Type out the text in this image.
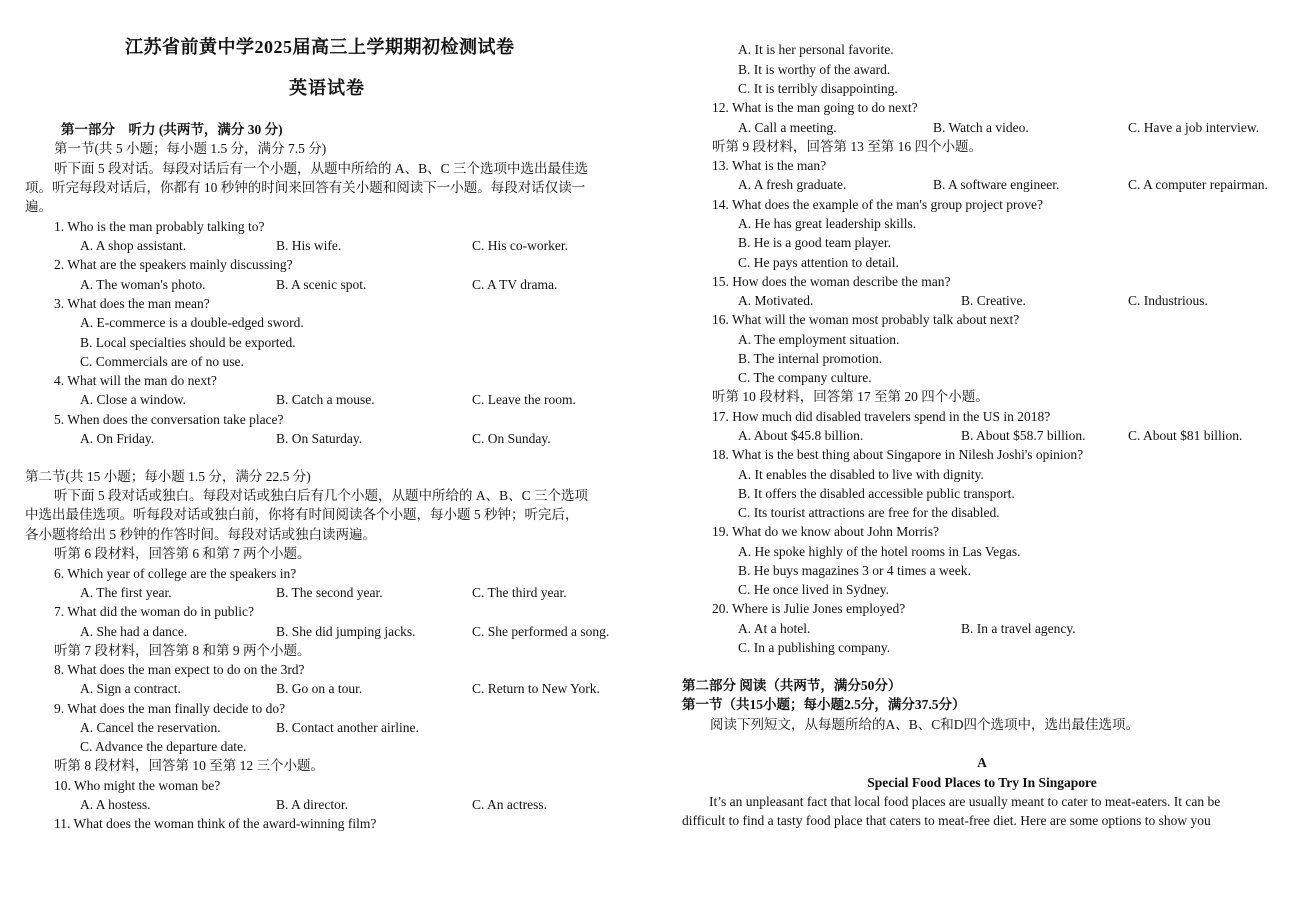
江苏省前黄中学2025届高三上学期期初检测试卷
英语试卷
第一部分　听力 (共两节，满分 30 分)
第一节(共 5 小题；每小题 1.5 分，满分 7.5 分)
听下面 5 段对话。每段对话后有一个小题，从题中所给的 A、B、C 三个选项中选出最佳选
项。听完每段对话后，你都有 10 秒钟的时间来回答有关小题和阅读下一小题。每段对话仅读一
遍。
1. Who is the man probably talking to?
A. A shop assistant.	B. His wife.	C. His co-worker.
2. What are the speakers mainly discussing?
A. The woman's photo.	B. A scenic spot.	C. A TV drama.
3. What does the man mean?
A. E-commerce is a double-edged sword.
B. Local specialties should be exported.
C. Commercials are of no use.
4. What will the man do next?
A. Close a window.	B. Catch a mouse.	C. Leave the room.
5. When does the conversation take place?
A. On Friday.	B. On Saturday.	C. On Sunday.
第二节(共 15 小题；每小题 1.5 分，满分 22.5 分)
听下面 5 段对话或独白。每段对话或独白后有几个小题，从题中所给的 A、B、C 三个选项
中选出最佳选项。听每段对话或独白前，你将有时间阅读各个小题，每小题 5 秒钟；听完后，
各小题将给出 5 秒钟的作答时间。每段对话或独白读两遍。
听第 6 段材料，回答第 6 和第 7 两个小题。
6. Which year of college are the speakers in?
A. The first year.	B. The second year.	C. The third year.
7. What did the woman do in public?
A. She had a dance.	B. She did jumping jacks.	C. She performed a song.
听第 7 段材料，回答第 8 和第 9 两个小题。
8. What does the man expect to do on the 3rd?
A. Sign a contract.	B. Go on a tour.	C. Return to New York.
9. What does the man finally decide to do?
A. Cancel the reservation.	B. Contact another airline.
C. Advance the departure date.
听第 8 段材料，回答第 10 至第 12 三个小题。
10. Who might the woman be?
A. A hostess.	B. A director.	C. An actress.
11. What does the woman think of the award-winning film?
A. It is her personal favorite.
B. It is worthy of the award.
C. It is terribly disappointing.
12. What is the man going to do next?
A. Call a meeting.	B. Watch a video.	C. Have a job interview.
听第 9 段材料，回答第 13 至第 16 四个小题。
13. What is the man?
A. A fresh graduate.	B. A software engineer.	C. A computer repairman.
14. What does the example of the man's group project prove?
A. He has great leadership skills.
B. He is a good team player.
C. He pays attention to detail.
15. How does the woman describe the man?
A. Motivated.	B. Creative.	C. Industrious.
16. What will the woman most probably talk about next?
A. The employment situation.
B. The internal promotion.
C. The company culture.
听第 10 段材料，回答第 17 至第 20 四个小题。
17. How much did disabled travelers spend in the US in 2018?
A. About $45.8 billion.	B. About $58.7 billion.	C. About $81 billion.
18. What is the best thing about Singapore in Nilesh Joshi's opinion?
A. It enables the disabled to live with dignity.
B. It offers the disabled accessible public transport.
C. Its tourist attractions are free for the disabled.
19. What do we know about John Morris?
A. He spoke highly of the hotel rooms in Las Vegas.
B. He buys magazines 3 or 4 times a week.
C. He once lived in Sydney.
20. Where is Julie Jones employed?
A. At a hotel.	B. In a travel agency.
C. In a publishing company.
第二部分 阅读（共两节，满分50分）
第一节（共15小题；每小题2.5分，满分37.5分）
阅读下列短文，从每题所给的A、B、C和D四个选项中，选出最佳选项。
A
Special Food Places to Try In Singapore
It’s an unpleasant fact that local food places are usually meant to cater to meat-eaters. It can be
difficult to find a tasty food place that caters to meat-free diet. Here are some options to show you
